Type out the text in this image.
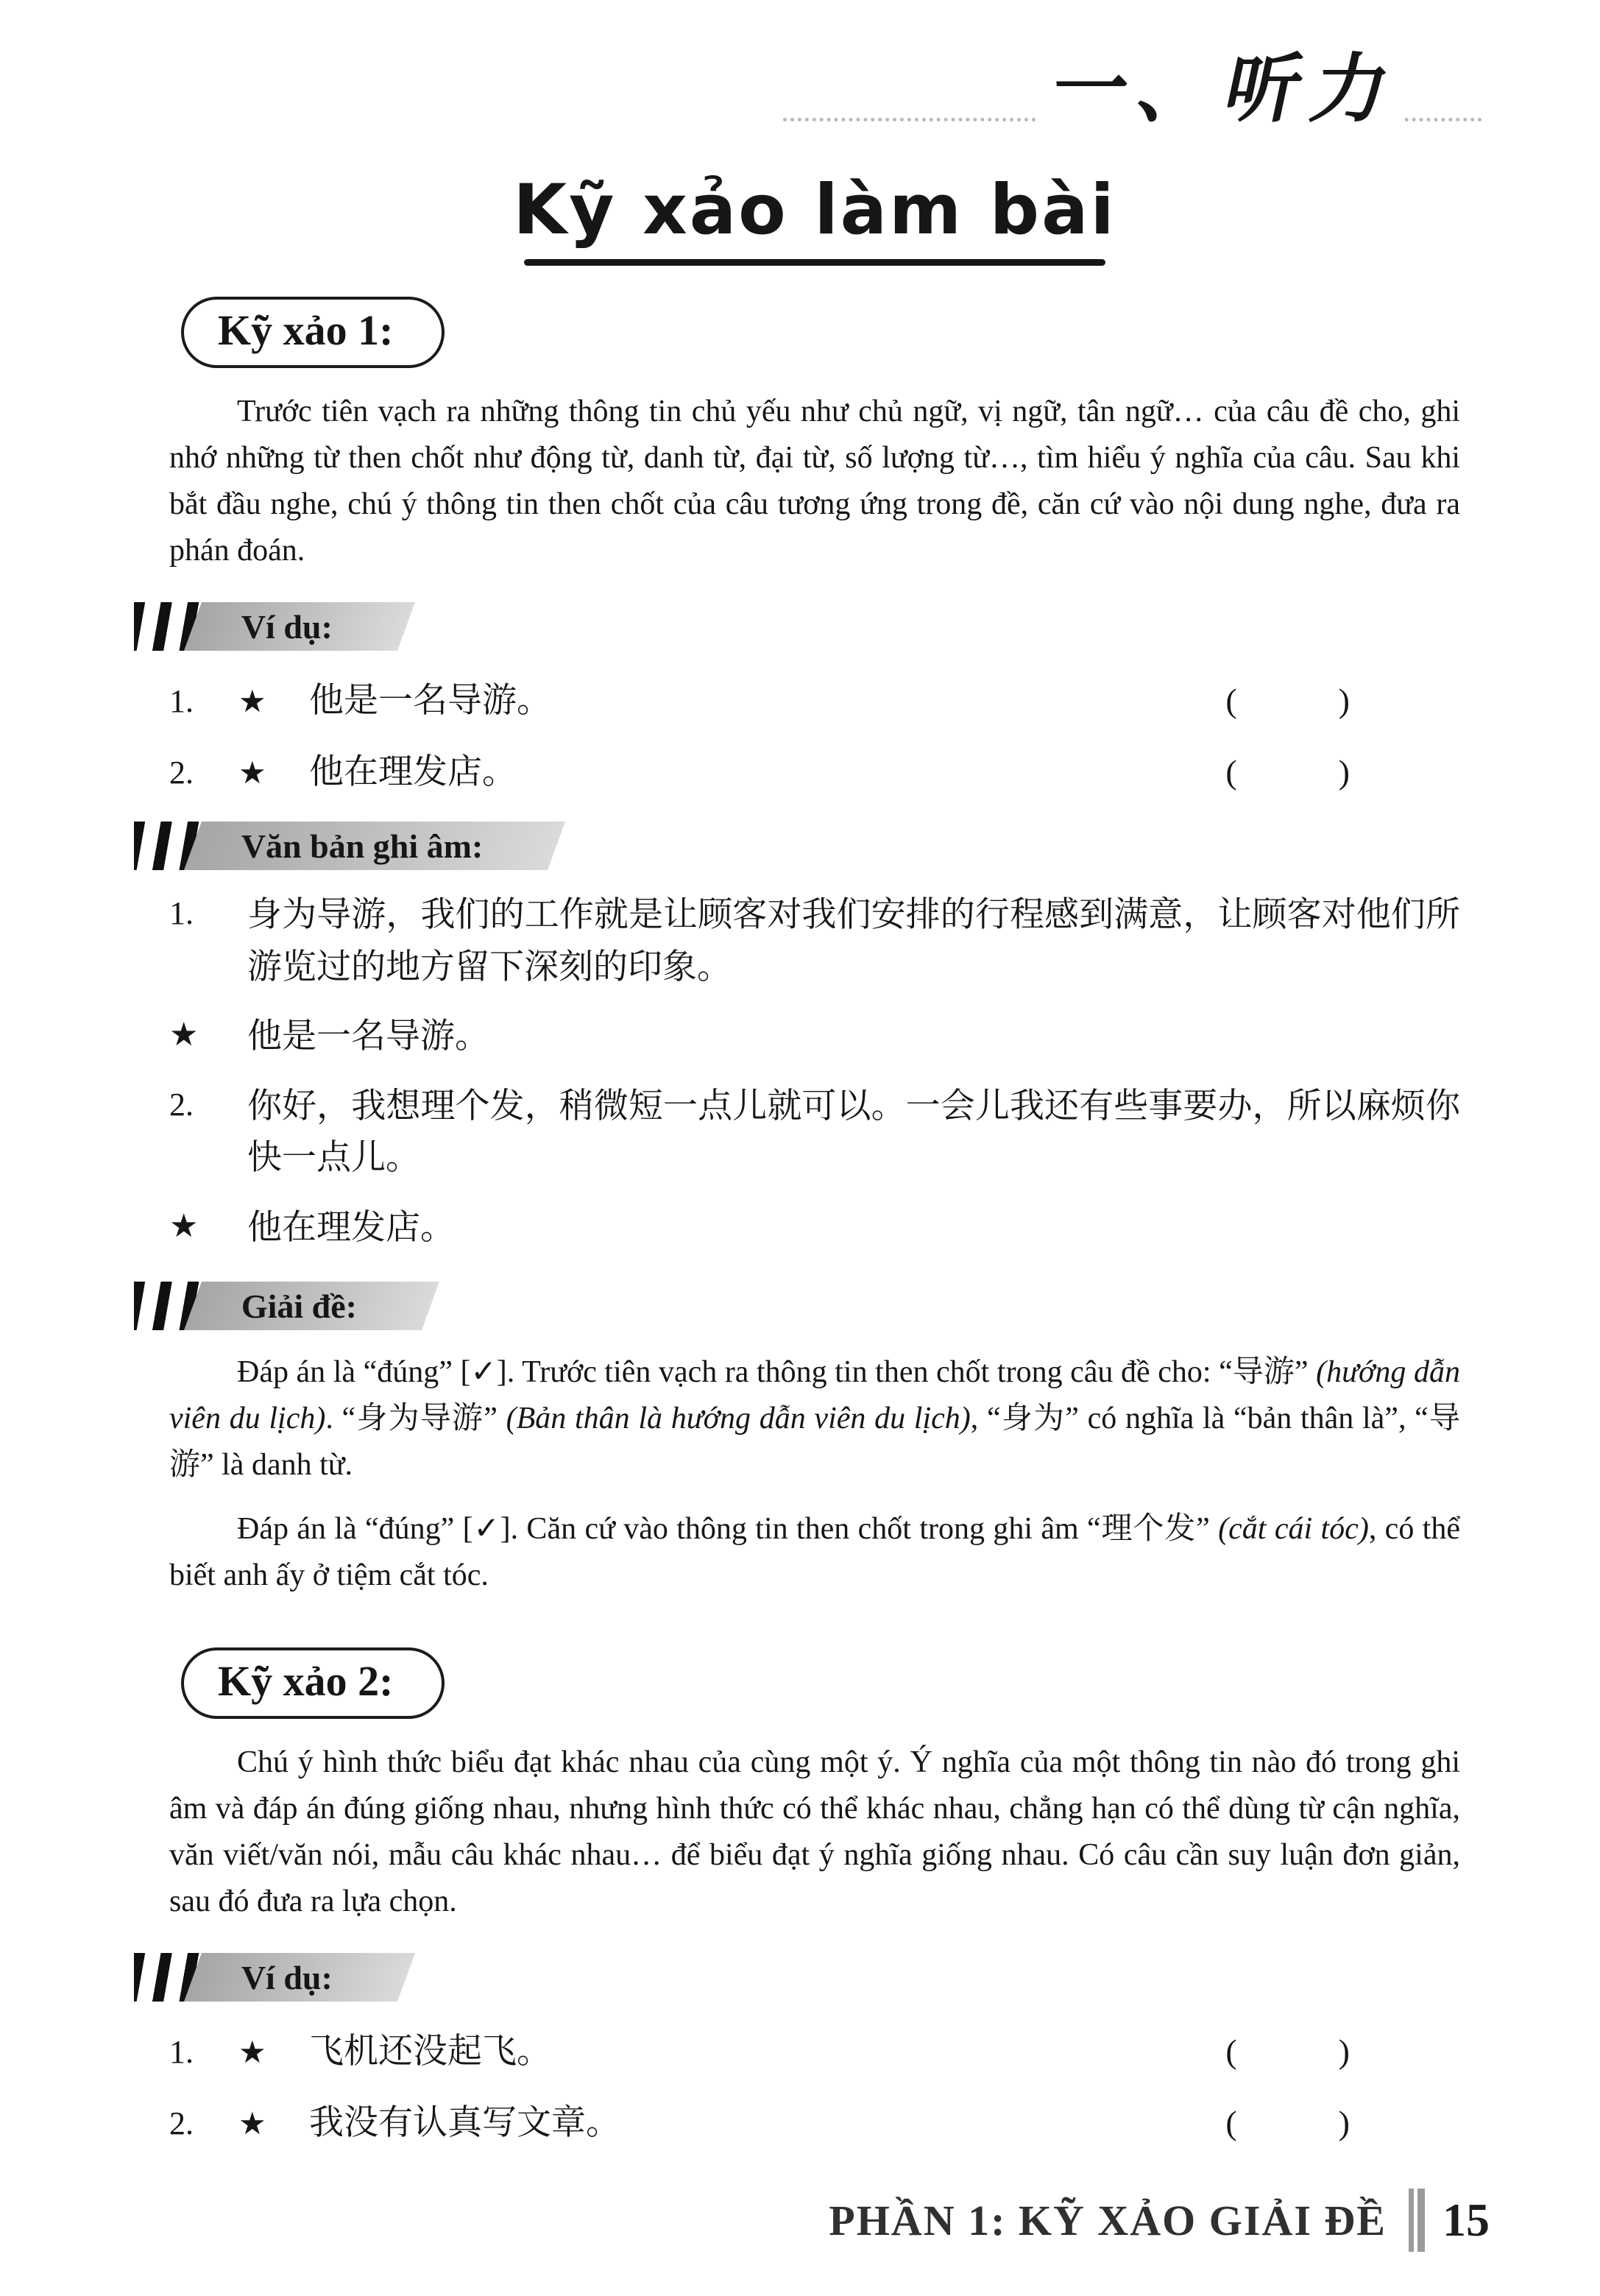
一、听力
Kỹ xảo làm bài
Kỹ xảo 1:

Trước tiên vạch ra những thông tin chủ yếu như chủ ngữ, vị ngữ, tân ngữ… của câu đề cho, ghi nhớ những từ then chốt như động từ, danh từ, đại từ, số lượng từ…, tìm hiểu ý nghĩa của câu. Sau khi bắt đầu nghe, chú ý thông tin then chốt của câu tương ứng trong đề, căn cứ vào nội dung nghe, đưa ra phán đoán.

Ví dụ:
1.	★	他是一名导游。	(            )
2.	★	他在理发店。	(            )
Văn bản ghi âm:
1.	身为导游，我们的工作就是让顾客对我们安排的行程感到满意，让顾客对他们所游览过的地方留下深刻的印象。
★	他是一名导游。
2.	你好，我想理个发，稍微短一点儿就可以。一会儿我还有些事要办，所以麻烦你快一点儿。
★	他在理发店。
Giải đề:

Đáp án là “đúng” [✓]. Trước tiên vạch ra thông tin then chốt trong câu đề cho: “导游” (hướng dẫn viên du lịch). “身为导游” (Bản thân là hướng dẫn viên du lịch), “身为” có nghĩa là “bản thân là”, “导游” là danh từ.

Đáp án là “đúng” [✓]. Căn cứ vào thông tin then chốt trong ghi âm “理个发” (cắt cái tóc), có thể biết anh ấy ở tiệm cắt tóc.

Kỹ xảo 2:

Chú ý hình thức biểu đạt khác nhau của cùng một ý. Ý nghĩa của một thông tin nào đó trong ghi âm và đáp án đúng giống nhau, nhưng hình thức có thể khác nhau, chẳng hạn có thể dùng từ cận nghĩa, văn viết/văn nói, mẫu câu khác nhau… để biểu đạt ý nghĩa giống nhau. Có câu cần suy luận đơn giản, sau đó đưa ra lựa chọn.

Ví dụ:
1.	★	飞机还没起飞。	(            )
2.	★	我没有认真写文章。	(            )
PHẦN 1: KỸ XẢO GIẢI ĐỀ 15
